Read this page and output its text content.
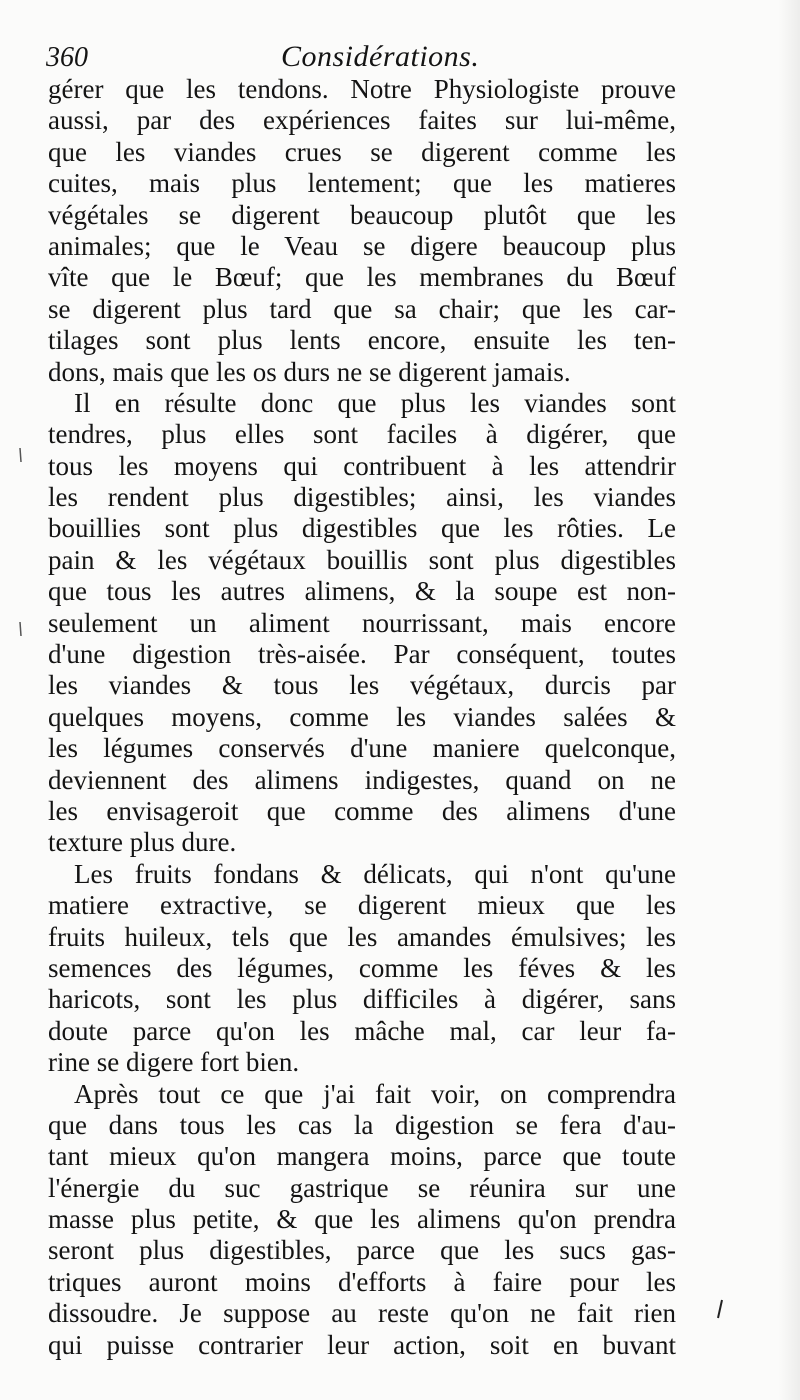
360	Considérations.
gérer que les tendons. Notre Physiologiste prouve
aussi, par des expériences faites sur lui-même,
que les viandes crues se digerent comme les
cuites, mais plus lentement; que les matieres
végétales se digerent beaucoup plutôt que les
animales; que le Veau se digere beaucoup plus
vîte que le Bœuf; que les membranes du Bœuf
se digerent plus tard que sa chair; que les car-
tilages sont plus lents encore, ensuite les ten-
dons, mais que les os durs ne se digerent jamais.
Il en résulte donc que plus les viandes sont
tendres, plus elles sont faciles à digérer, que
tous les moyens qui contribuent à les attendrir
les rendent plus digestibles; ainsi, les viandes
bouillies sont plus digestibles que les rôties. Le
pain & les végétaux bouillis sont plus digestibles
que tous les autres alimens, & la soupe est non-
seulement un aliment nourrissant, mais encore
d'une digestion très-aisée. Par conséquent, toutes
les viandes & tous les végétaux, durcis par
quelques moyens, comme les viandes salées &
les légumes conservés d'une maniere quelconque,
deviennent des alimens indigestes, quand on ne
les envisageroit que comme des alimens d'une
texture plus dure.
Les fruits fondans & délicats, qui n'ont qu'une
matiere extractive, se digerent mieux que les
fruits huileux, tels que les amandes émulsives; les
semences des légumes, comme les féves & les
haricots, sont les plus difficiles à digérer, sans
doute parce qu'on les mâche mal, car leur fa-
rine se digere fort bien.
Après tout ce que j'ai fait voir, on comprendra
que dans tous les cas la digestion se fera d'au-
tant mieux qu'on mangera moins, parce que toute
l'énergie du suc gastrique se réunira sur une
masse plus petite, & que les alimens qu'on prendra
seront plus digestibles, parce que les sucs gas-
triques auront moins d'efforts à faire pour les
dissoudre. Je suppose au reste qu'on ne fait rien
qui puisse contrarier leur action, soit en buvant
